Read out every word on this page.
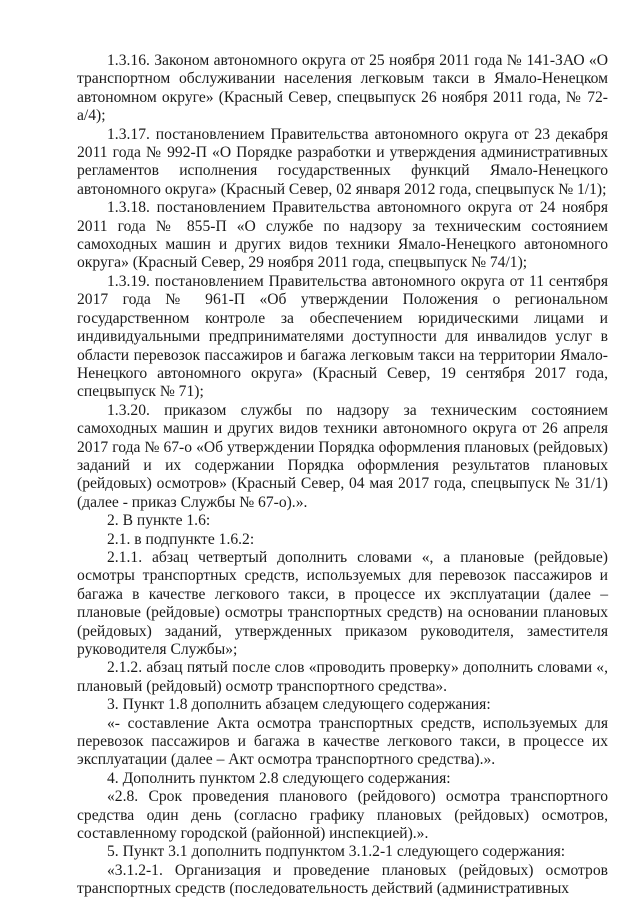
1.3.16. Законом автономного округа от 25 ноября 2011 года № 141-ЗАО «О транспортном обслуживании населения легковым такси в Ямало-Ненецком автономном округе» (Красный Север, спецвыпуск 26 ноября 2011 года, № 72-а/4);

1.3.17. постановлением Правительства автономного округа от 23 декабря 2011 года № 992-П «О Порядке разработки и утверждения административных регламентов исполнения государственных функций Ямало-Ненецкого автономного округа» (Красный Север, 02 января 2012 года, спецвыпуск № 1/1);

1.3.18. постановлением Правительства автономного округа от 24 ноября 2011 года № 855-П «О службе по надзору за техническим состоянием самоходных машин и других видов техники Ямало-Ненецкого автономного округа» (Красный Север, 29 ноября 2011 года, спецвыпуск № 74/1);

1.3.19. постановлением Правительства автономного округа от 11 сентября 2017 года № 961-П «Об утверждении Положения о региональном государственном контроле за обеспечением юридическими лицами и индивидуальными предпринимателями доступности для инвалидов услуг в области перевозок пассажиров и багажа легковым такси на территории Ямало-Ненецкого автономного округа» (Красный Север, 19 сентября 2017 года, спецвыпуск № 71);

1.3.20. приказом службы по надзору за техническим состоянием самоходных машин и других видов техники автономного округа от 26 апреля 2017 года № 67-о «Об утверждении Порядка оформления плановых (рейдовых) заданий и их содержании Порядка оформления результатов плановых (рейдовых) осмотров» (Красный Север, 04 мая 2017 года, спецвыпуск № 31/1) (далее - приказ Службы № 67-о).».

2. В пункте 1.6:

2.1. в подпункте 1.6.2:

2.1.1. абзац четвертый дополнить словами «, а плановые (рейдовые) осмотры транспортных средств, используемых для перевозок пассажиров и багажа в качестве легкового такси, в процессе их эксплуатации (далее – плановые (рейдовые) осмотры транспортных средств) на основании плановых (рейдовых) заданий, утвержденных приказом руководителя, заместителя руководителя Службы»;

2.1.2. абзац пятый после слов «проводить проверку» дополнить словами «, плановый (рейдовый) осмотр транспортного средства».

3. Пункт 1.8 дополнить абзацем следующего содержания:

«- составление Акта осмотра транспортных средств, используемых для перевозок пассажиров и багажа в качестве легкового такси, в процессе их эксплуатации (далее – Акт осмотра транспортного средства).».

4. Дополнить пунктом 2.8 следующего содержания:

«2.8. Срок проведения планового (рейдового) осмотра транспортного средства один день (согласно графику плановых (рейдовых) осмотров, составленному городской (районной) инспекцией).».

5. Пункт 3.1 дополнить подпунктом 3.1.2-1 следующего содержания:

«3.1.2-1. Организация и проведение плановых (рейдовых) осмотров транспортных средств (последовательность действий (административных
